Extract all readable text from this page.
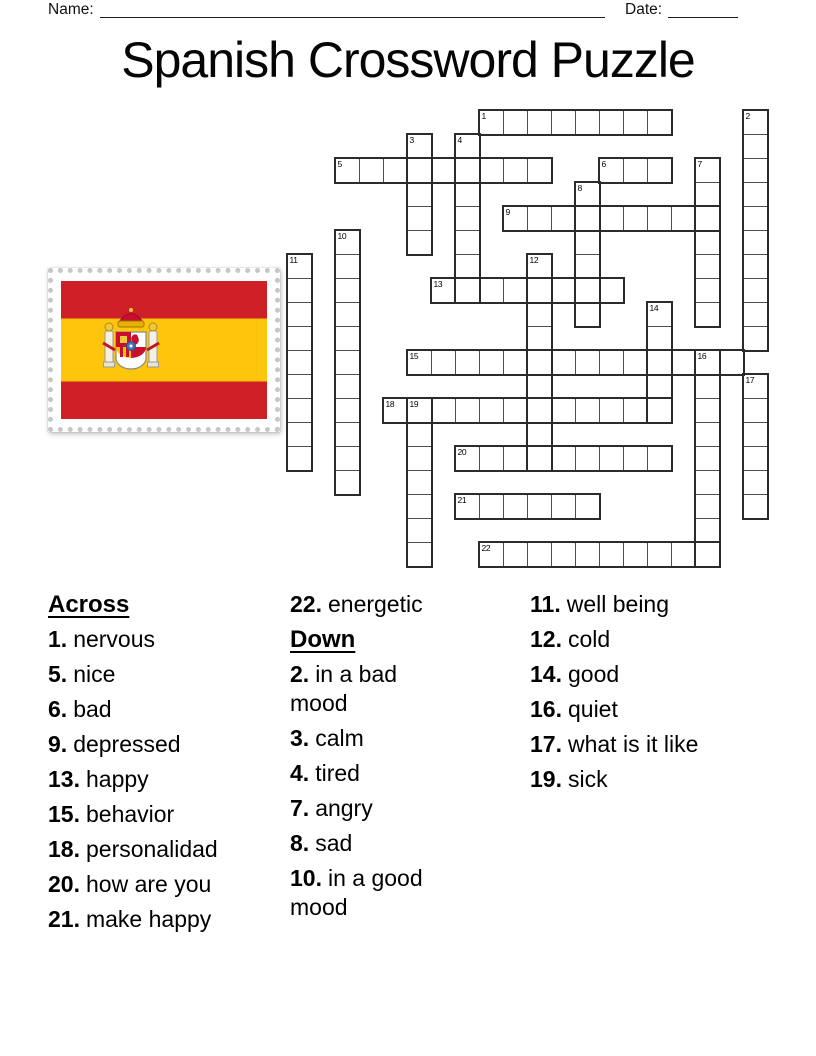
Name:	Date:
Spanish Crossword Puzzle
1
5	6
9
13
15
18
20
21
22
2
3	4
7
8
10
11	12
14
16
17
19
Across
1. nervous
5. nice
6. bad
9. depressed
13. happy
15. behavior
18. personalidad
20. how are you
21. make happy
22. energetic
Down
2. in a bad mood
3. calm
4. tired
7. angry
8. sad
10. in a good mood
11. well being
12. cold
14. good
16. quiet
17. what is it like
19. sick
